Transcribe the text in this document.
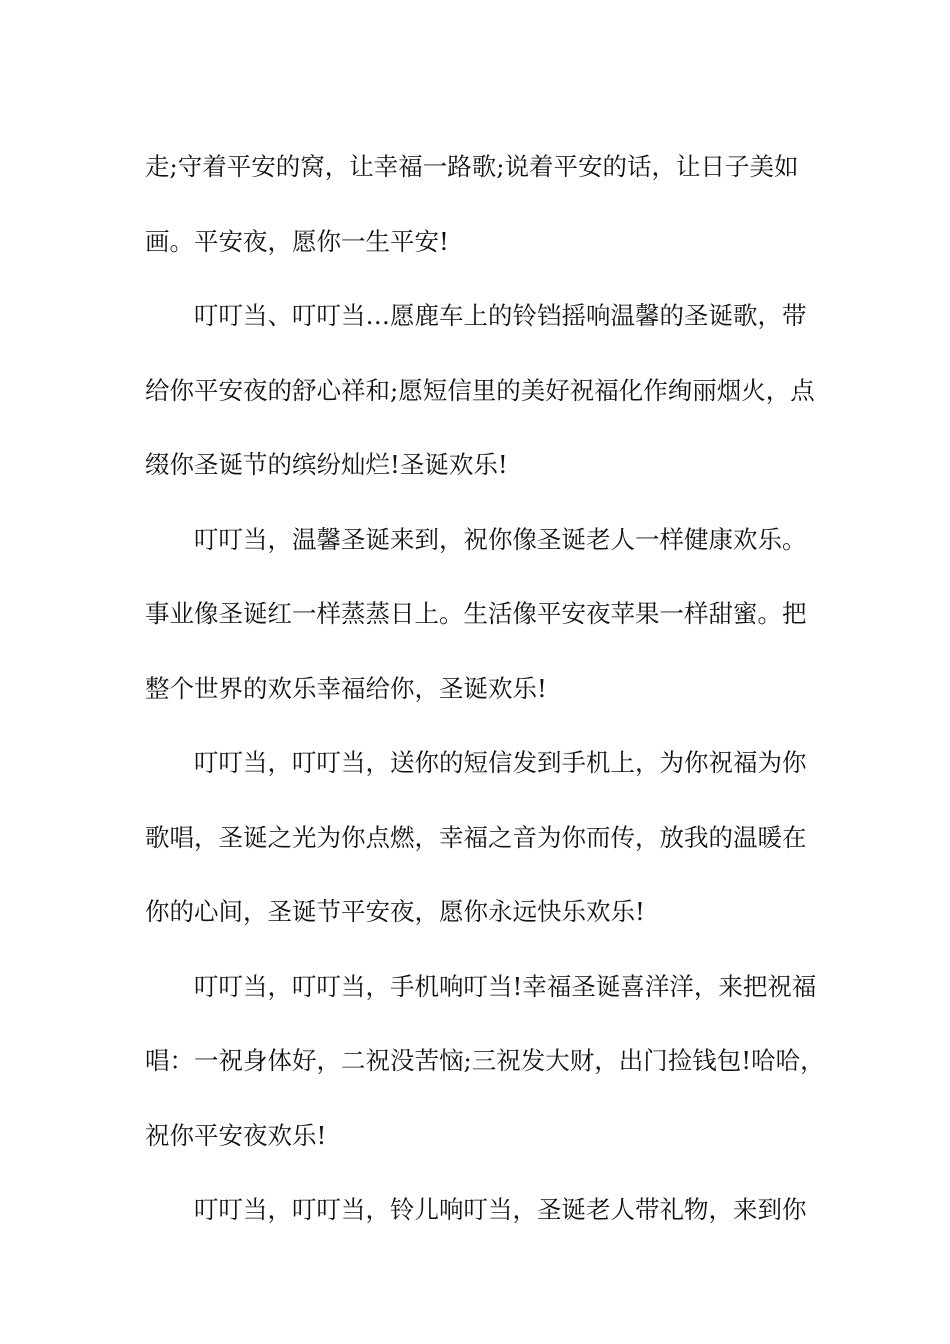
走;守着平安的窝，让幸福一路歌;说着平安的话，让日子美如
画。平安夜，愿你一生平安!
叮叮当、叮叮当…愿鹿车上的铃铛摇响温馨的圣诞歌，带
给你平安夜的舒心祥和;愿短信里的美好祝福化作绚丽烟火，点
缀你圣诞节的缤纷灿烂!圣诞欢乐!
叮叮当，温馨圣诞来到，祝你像圣诞老人一样健康欢乐。
事业像圣诞红一样蒸蒸日上。生活像平安夜苹果一样甜蜜。把
整个世界的欢乐幸福给你，圣诞欢乐!
叮叮当，叮叮当，送你的短信发到手机上，为你祝福为你
歌唱，圣诞之光为你点燃，幸福之音为你而传，放我的温暖在
你的心间，圣诞节平安夜，愿你永远快乐欢乐!
叮叮当，叮叮当，手机响叮当!幸福圣诞喜洋洋，来把祝福
唱：一祝身体好，二祝没苦恼;三祝发大财，出门捡钱包!哈哈，
祝你平安夜欢乐!
叮叮当，叮叮当，铃儿响叮当，圣诞老人带礼物，来到你
